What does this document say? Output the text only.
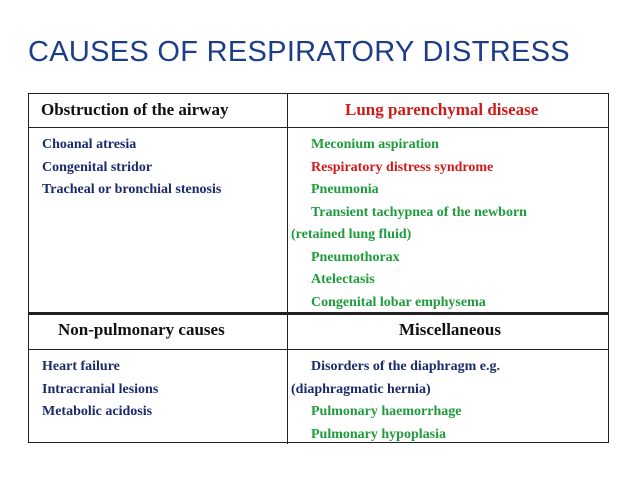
CAUSES OF RESPIRATORY DISTRESS
Obstruction of the airway	Lung parenchymal disease
Choanal atresia
Congenital stridor
Tracheal or bronchial stenosis
Meconium aspiration
Respiratory distress syndrome
Pneumonia
Transient tachypnea of the newborn
(retained lung fluid)
Pneumothorax
Atelectasis
Congenital lobar emphysema
Non-pulmonary causes	Miscellaneous
Heart failure
Intracranial lesions
Metabolic acidosis
Disorders of the diaphragm e.g.
(diaphragmatic hernia)
Pulmonary haemorrhage
Pulmonary hypoplasia
